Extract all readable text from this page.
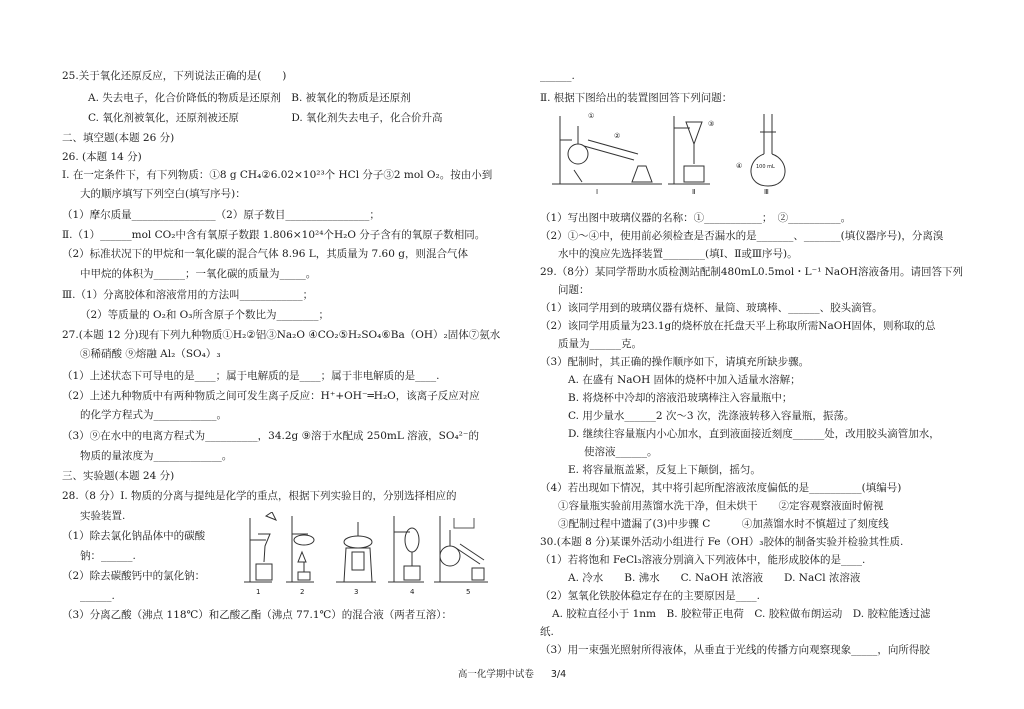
25.关于氧化还原反应，下列说法正确的是(　　)
A. 失去电子，化合价降低的物质是还原剂　B. 被氧化的物质是还原剂
C. 氧化剂被氧化，还原剂被还原　　　　　D. 氧化剂失去电子，化合价升高
二、填空题(本题 26 分)
26. (本题 14 分)
Ⅰ. 在一定条件下，有下列物质：①8 g CH₄②6.02×10²³个 HCl 分子③2 mol O₂。按由小到
大的顺序填写下列空白(填写序号)：
（1）摩尔质量________________（2）原子数目________________；
Ⅱ.（1）______mol CO₂中含有氧原子数跟 1.806×10²⁴个H₂O 分子含有的氧原子数相同。
（2）标准状况下的甲烷和一氧化碳的混合气体 8.96 L，其质量为 7.60 g，则混合气体
中甲烷的体积为______；一氧化碳的质量为_____。
Ⅲ.（1）分离胶体和溶液常用的方法叫____________；
（2）等质量的 O₂和 O₃所含原子个数比为________；
27.(本题 12 分)现有下列九种物质①H₂②铝③Na₂O ④CO₂⑤H₂SO₄⑥Ba（OH）₂固体⑦氨水
⑧稀硝酸 ⑨熔融 Al₂（SO₄）₃
（1）上述状态下可导电的是____；属于电解质的是____；属于非电解质的是____.
（2）上述九种物质中有两种物质之间可发生离子反应：H⁺+OH⁻═H₂O，该离子反应对应
的化学方程式为____________。
（3）⑨在水中的电离方程式为__________，34.2g ⑨溶于水配成 250mL 溶液，SO₄²⁻的
物质的量浓度为_____________。
三、实验题(本题 24 分)
28.（8 分）Ⅰ. 物质的分离与提纯是化学的重点，根据下列实验目的，分别选择相应的
实验装置.
（1）除去氯化钠晶体中的碳酸
钠：______.
（2）除去碳酸钙中的氯化钠：
______.
（3）分离乙酸（沸点 118℃）和乙酸乙酯（沸点 77.1℃）的混合液（两者互溶）：
1	2	3	4	5
______.
Ⅱ. 根据下图给出的装置图回答下列问题：
Ⅰ	Ⅱ	Ⅲ
①
②
③
④	100 mL
（1）写出图中玻璃仪器的名称：①___________；　②__________。
（2）①～④中，使用前必须检查是否漏水的是_______、_______(填仪器序号)，分离溴
水中的溴应先选择装置________(填Ⅰ、Ⅱ或Ⅲ序号)。
29.（8分）某同学帮助水质检测站配制480mL0.5mol・L⁻¹ NaOH溶液备用。请回答下列
问题：
（1）该同学用到的玻璃仪器有烧杯、量筒、玻璃棒、______、胶头滴管。
（2）该同学用质量为23.1g的烧杯放在托盘天平上称取所需NaOH固体，则称取的总
质量为______克。
（3）配制时，其正确的操作顺序如下，请填充所缺步骤。
A. 在盛有 NaOH 固体的烧杯中加入适量水溶解；
B. 将烧杯中冷却的溶液沿玻璃棒注入容量瓶中；
C. 用少量水______2 次～3 次，洗涤液转移入容量瓶，振荡。
D. 继续往容量瓶内小心加水，直到液面接近刻度______处，改用胶头滴管加水，
使溶液______。
E. 将容量瓶盖紧，反复上下颠倒，摇匀。
（4）若出现如下情况，其中将引起所配溶液浓度偏低的是__________(填编号)
①容量瓶实验前用蒸馏水洗干净，但未烘干　　②定容观察液面时俯视
③配制过程中遗漏了(3)中步骤 C　　　④加蒸馏水时不慎超过了刻度线
30.(本题 8 分)某课外活动小组进行 Fe（OH）₃胶体的制备实验并检验其性质.
（1）若将饱和 FeCl₃溶液分别滴入下列液体中，能形成胶体的是____.
A. 冷水　　B. 沸水　　C. NaOH 浓溶液　　D. NaCl 浓溶液
（2）氢氧化铁胶体稳定存在的主要原因是____.
A. 胶粒直径小于 1nm　B. 胶粒带正电荷　C. 胶粒做布朗运动　D. 胶粒能透过滤
纸.
（3）用一束强光照射所得液体，从垂直于光线的传播方向观察现象_____，向所得胶
高一化学期中试卷 3/4
